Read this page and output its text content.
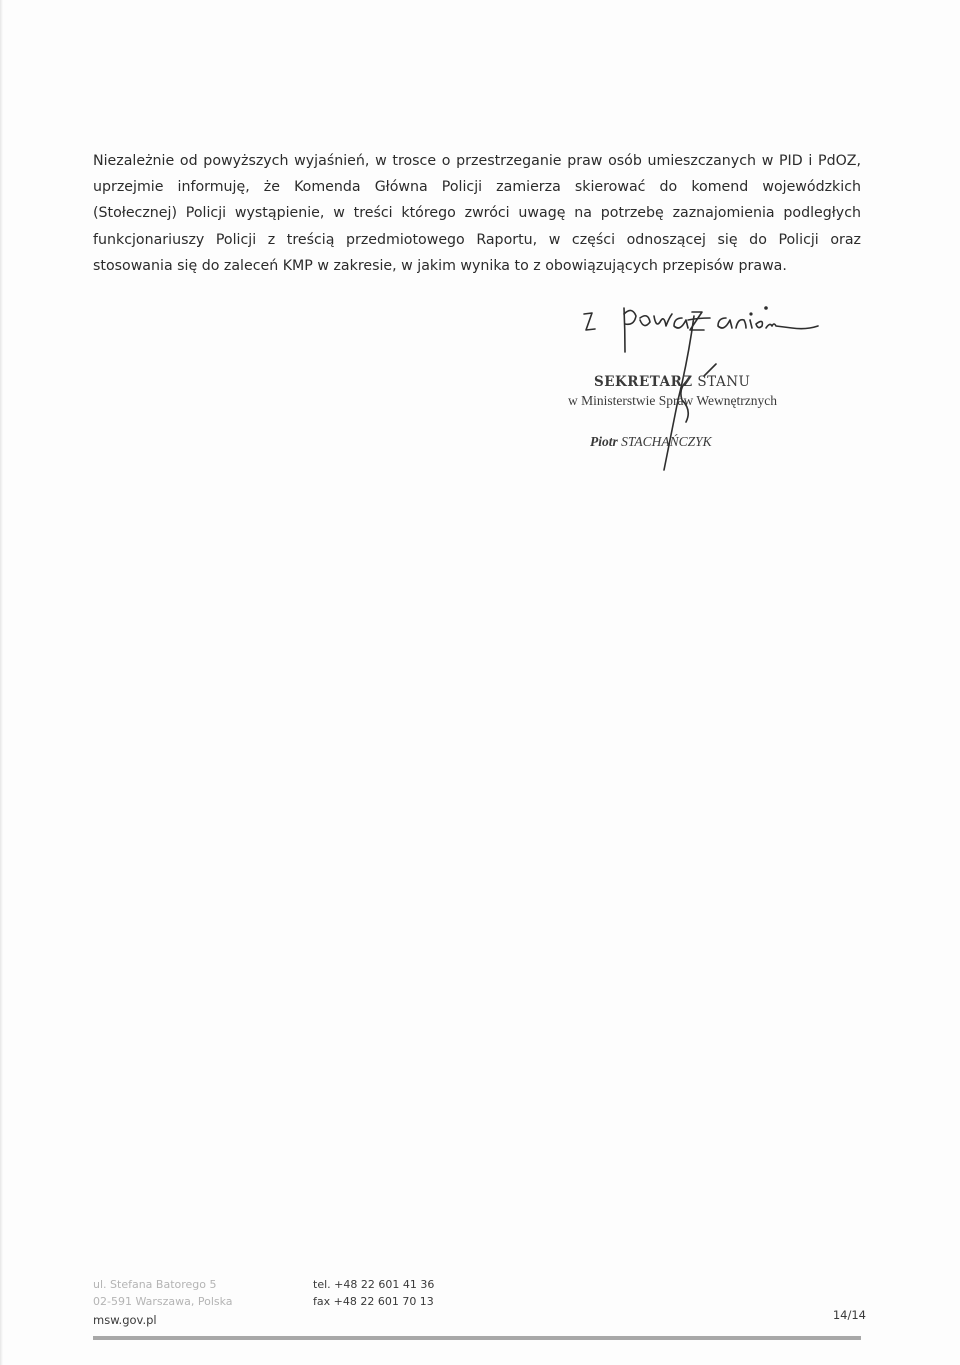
Niezależnie od powyższych wyjaśnień, w trosce o przestrzeganie praw osób umieszczanych w PID i PdOZ,
uprzejmie informuję, że Komenda Główna Policji zamierza skierować do komend wojewódzkich
(Stołecznej) Policji wystąpienie, w treści którego zwróci uwagę na potrzebę zaznajomienia podległych
funkcjonariuszy Policji z treścią przedmiotowego Raportu, w części odnoszącej się do Policji oraz
stosowania się do zaleceń KMP w zakresie, w jakim wynika to z obowiązujących przepisów prawa.
SEKRETARZ STANU
w Ministerstwie Spraw Wewnętrznych
Piotr STACHAŃCZYK
ul. Stefana Batorego 5
02-591 Warszawa, Polska
msw.gov.pl
tel. +48 22 601 41 36
fax +48 22 601 70 13
14/14
